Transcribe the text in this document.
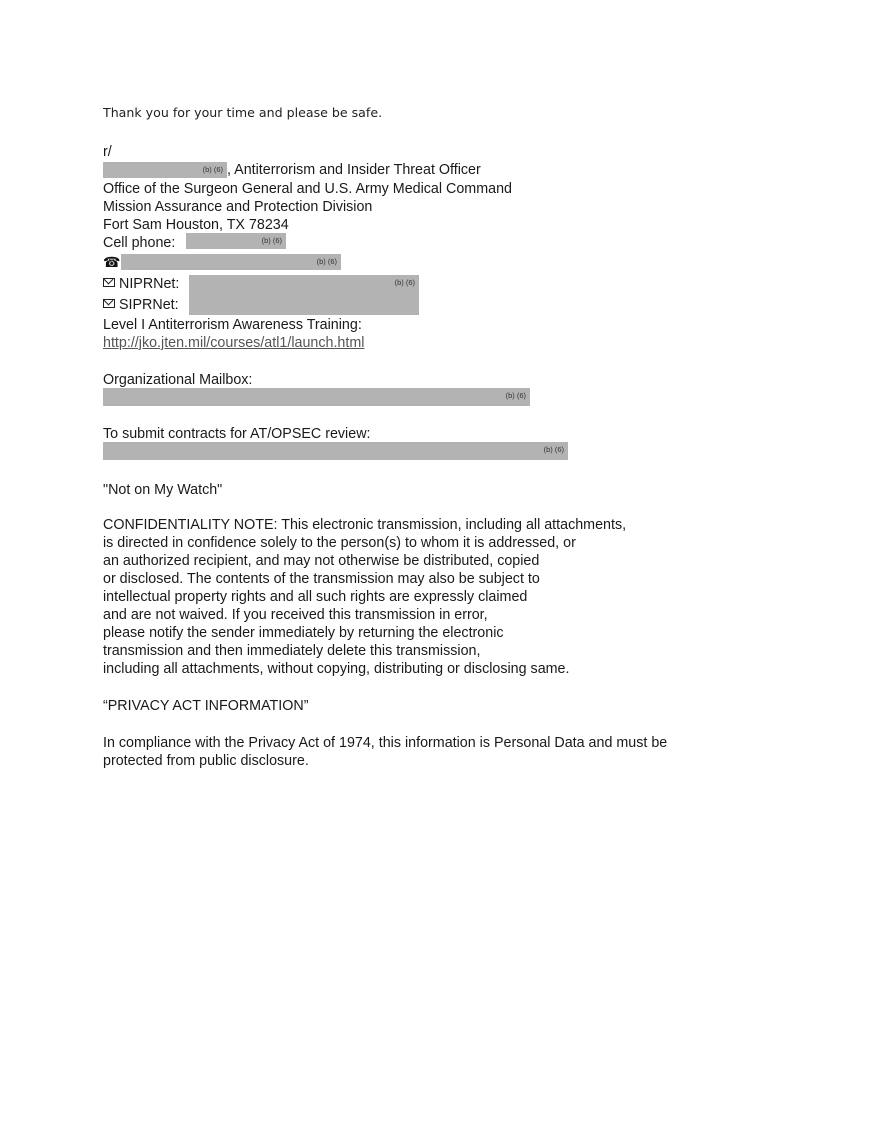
Thank you for your time and please be safe.
r/
(b) (6) , Antiterrorism and Insider Threat Officer
Office of the Surgeon General and U.S. Army Medical Command
Mission Assurance and Protection Division
Fort Sam Houston, TX 78234
Cell phone:	(b) (6)
☎	(b) (6)
NIPRNet:	(b) (6)
SIPRNet:
Level I Antiterrorism Awareness Training:
http://jko.jten.mil/courses/atl1/launch.html
Organizational Mailbox:
(b) (6)
To submit contracts for AT/OPSEC review:
(b) (6)
"Not on My Watch"
CONFIDENTIALITY NOTE: This electronic transmission, including all attachments,
is directed in confidence solely to the person(s) to whom it is addressed, or
an authorized recipient, and may not otherwise be distributed, copied
or disclosed. The contents of the transmission may also be subject to
intellectual property rights and all such rights are expressly claimed
and are not waived. If you received this transmission in error,
please notify the sender immediately by returning the electronic
transmission and then immediately delete this transmission,
including all attachments, without copying, distributing or disclosing same.
“PRIVACY ACT INFORMATION”
In compliance with the Privacy Act of 1974, this information is Personal Data and must be
protected from public disclosure.
